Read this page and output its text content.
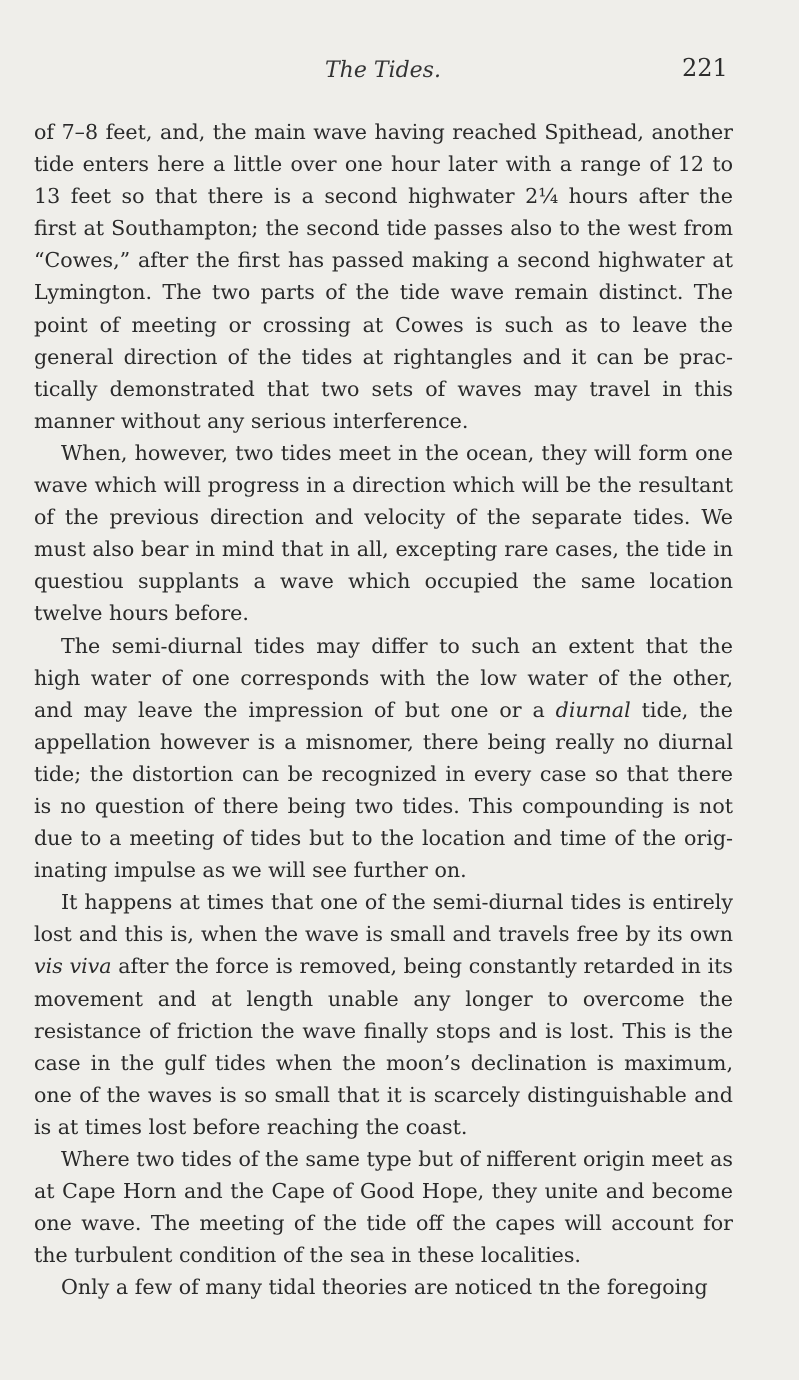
The Tides.	221

of 7–8 feet, and, the main wave having reached Spithead, another tide enters here a little over one hour later with a range of 12 to 13 feet so that there is a second highwater 2¼ hours after the first at Southampton; the second tide passes also to the west from “Cowes,” after the first has passed making a second highwater at Lymington. The two parts of the tide wave remain distinct. The point of meeting or crossing at Cowes is such as to leave the general direction of the tides at rightangles and it can be practically demonstrated that two sets of waves may travel in this manner without any serious interference.

When, however, two tides meet in the ocean, they will form one wave which will progress in a direction which will be the resultant of the previous direction and velocity of the separate tides. We must also bear in mind that in all, excepting rare cases, the tide in questiou supplants a wave which occupied the same location twelve hours before.

The semi-diurnal tides may differ to such an extent that the high water of one corresponds with the low water of the other, and may leave the impression of but one or a diurnal tide, the appellation however is a misnomer, there being really no diurnal tide; the distortion can be recognized in every case so that there is no question of there being two tides. This compounding is not due to a meeting of tides but to the location and time of the originating impulse as we will see further on.

It happens at times that one of the semi-diurnal tides is entirely lost and this is, when the wave is small and travels free by its own vis viva after the force is removed, being constantly retarded in its movement and at length unable any longer to overcome the resistance of friction the wave finally stops and is lost. This is the case in the gulf tides when the moon’s declination is maximum, one of the waves is so small that it is scarcely distinguishable and is at times lost before reaching the coast.

Where two tides of the same type but of nifferent origin meet as at Cape Horn and the Cape of Good Hope, they unite and become one wave. The meeting of the tide off the capes will account for the turbulent condition of the sea in these localities.

Only a few of many tidal theories are noticed tn the foregoing
